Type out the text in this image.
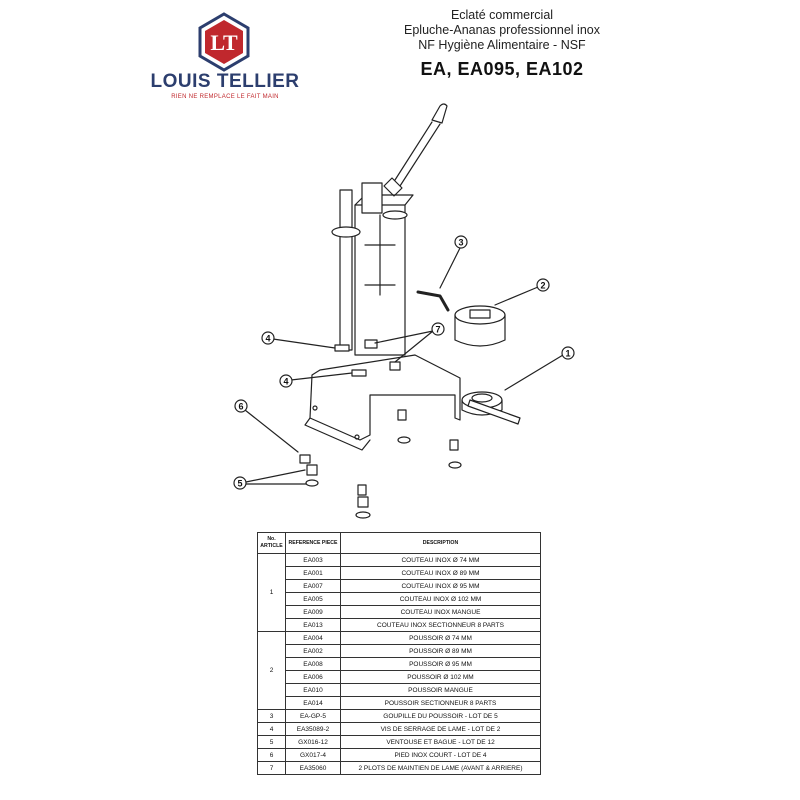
LT
LOUIS TELLIER
RIEN NE REMPLACE LE FAIT MAIN
Eclaté commercial
Epluche-Ananas professionnel inox
NF Hygiène Alimentaire - NSF
EA, EA095, EA102
1
2
3
4
4
5
6
7
No. ARTICLE	REFERENCE PIECE	DESCRIPTION
1	EA003	COUTEAU INOX Ø 74 MM
	EA001	COUTEAU INOX Ø 89 MM
	EA007	COUTEAU INOX Ø 95 MM
	EA005	COUTEAU INOX Ø 102 MM
	EA009	COUTEAU INOX MANGUE
	EA013	COUTEAU INOX SECTIONNEUR 8 PARTS
2	EA004	POUSSOIR Ø 74 MM
	EA002	POUSSOIR Ø 89 MM
	EA008	POUSSOIR Ø 95 MM
	EA006	POUSSOIR Ø 102 MM
	EA010	POUSSOIR MANGUE
	EA014	POUSSOIR SECTIONNEUR 8 PARTS
3	EA-GP-5	GOUPILLE DU POUSSOIR - LOT DE 5
4	EA35089-2	VIS DE SERRAGE DE LAME - LOT DE 2
5	GX016-12	VENTOUSE ET BAGUE - LOT DE 12
6	GX017-4	PIED INOX COURT - LOT DE 4
7	EA35060	2 PLOTS DE MAINTIEN DE LAME (AVANT & ARRIERE)
